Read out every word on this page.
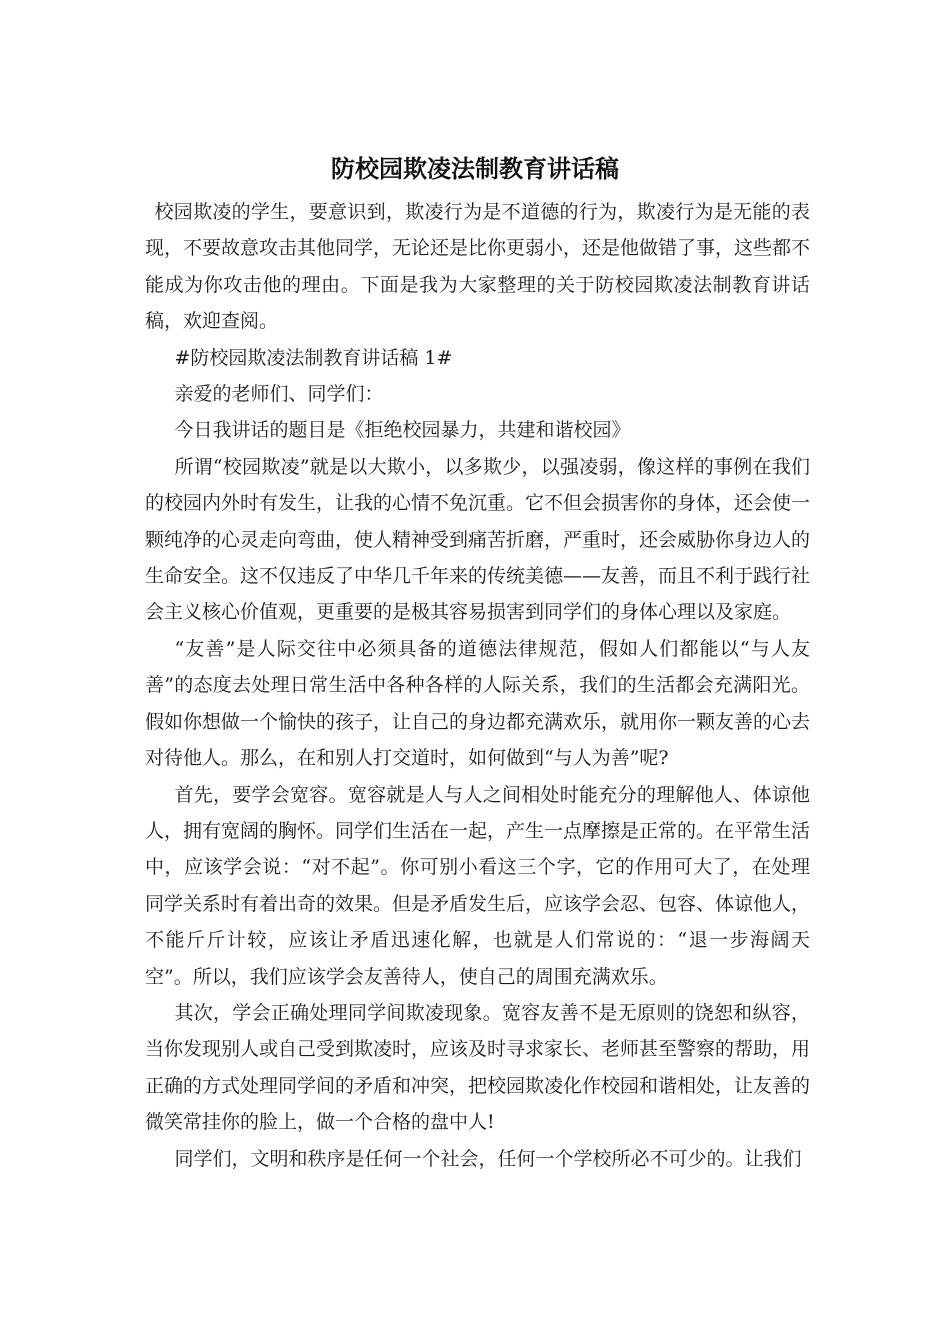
防校园欺凌法制教育讲话稿

校园欺凌的学生，要意识到，欺凌行为是不道德的行为，欺凌行为是无能的表现，不要故意攻击其他同学，无论还是比你更弱小，还是他做错了事，这些都不能成为你攻击他的理由。下面是我为大家整理的关于防校园欺凌法制教育讲话稿，欢迎查阅。

#防校园欺凌法制教育讲话稿 1#

亲爱的老师们、同学们：

今日我讲话的题目是《拒绝校园暴力，共建和谐校园》

所谓“校园欺凌”就是以大欺小，以多欺少，以强凌弱，像这样的事例在我们的校园内外时有发生，让我的心情不免沉重。它不但会损害你的身体，还会使一颗纯净的心灵走向弯曲，使人精神受到痛苦折磨，严重时，还会威胁你身边人的生命安全。这不仅违反了中华几千年来的传统美德——友善，而且不利于践行社会主义核心价值观，更重要的是极其容易损害到同学们的身体心理以及家庭。

“友善”是人际交往中必须具备的道德法律规范，假如人们都能以“与人友善”的态度去处理日常生活中各种各样的人际关系，我们的生活都会充满阳光。假如你想做一个愉快的孩子，让自己的身边都充满欢乐，就用你一颗友善的心去对待他人。那么，在和别人打交道时，如何做到“与人为善”呢?

首先，要学会宽容。宽容就是人与人之间相处时能充分的理解他人、体谅他人，拥有宽阔的胸怀。同学们生活在一起，产生一点摩擦是正常的。在平常生活中，应该学会说：“对不起”。你可别小看这三个字，它的作用可大了，在处理同学关系时有着出奇的效果。但是矛盾发生后，应该学会忍、包容、体谅他人，不能斤斤计较，应该让矛盾迅速化解，也就是人们常说的：“退一步海阔天空”。所以，我们应该学会友善待人，使自己的周围充满欢乐。

其次，学会正确处理同学间欺凌现象。宽容友善不是无原则的饶恕和纵容，当你发现别人或自己受到欺凌时，应该及时寻求家长、老师甚至警察的帮助，用正确的方式处理同学间的矛盾和冲突，把校园欺凌化作校园和谐相处，让友善的微笑常挂你的脸上，做一个合格的盘中人!

同学们，文明和秩序是任何一个社会，任何一个学校所必不可少的。让我们
